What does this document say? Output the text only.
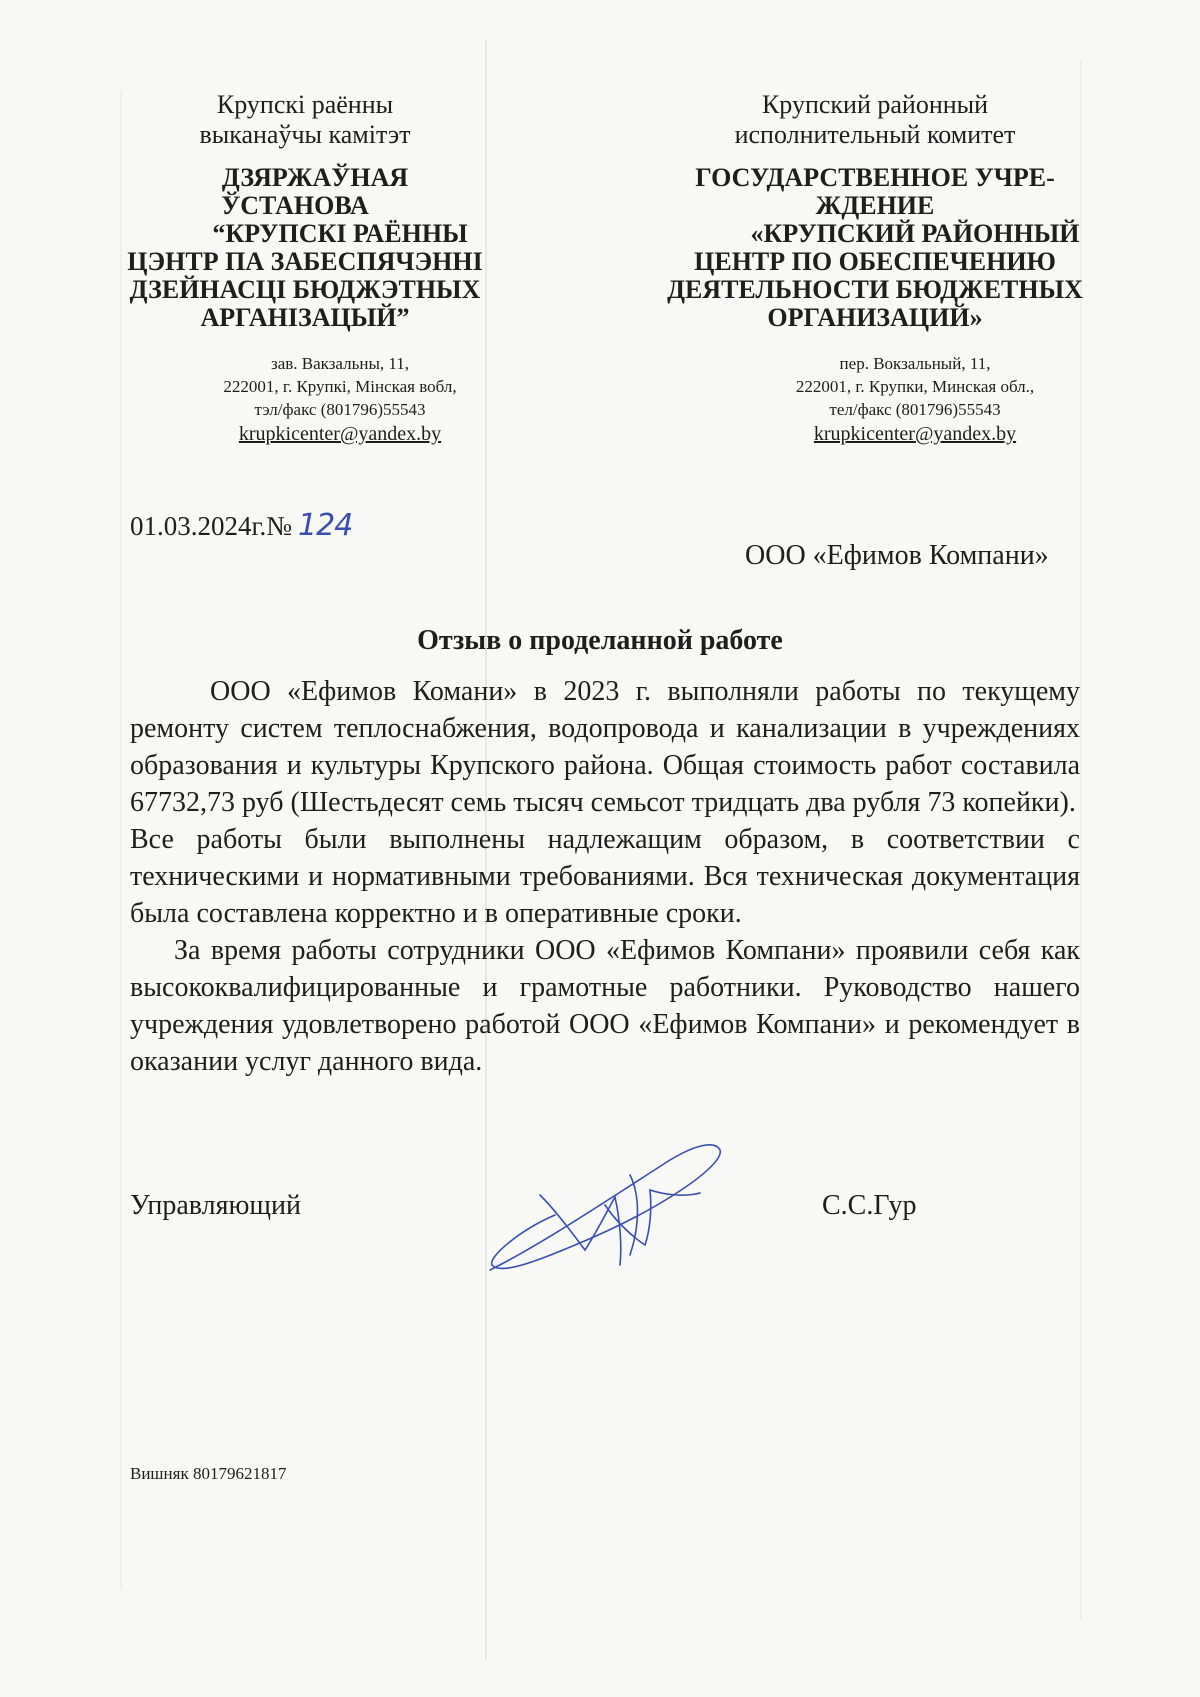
Крупскі раённы
выканаўчы камітэт
ДЗЯРЖАЎНАЯ
ЎСТАНОВА
“КРУПСКІ РАЁННЫ
ЦЭНТР ПА ЗАБЕСПЯЧЭННІ
ДЗЕЙНАСЦІ БЮДЖЭТНЫХ
АРГАНІЗАЦЫЙ”
зав. Вакзальны, 11,
222001, г. Крупкі, Мінская вобл,
тэл/факс (801796)55543
krupkicenter@yandex.by
Крупский районный
исполнительный комитет
ГОСУДАРСТВЕННОЕ УЧРЕ-
ЖДЕНИЕ
«КРУПСКИЙ РАЙОННЫЙ
ЦЕНТР ПО ОБЕСПЕЧЕНИЮ
ДЕЯТЕЛЬНОСТИ БЮДЖЕТНЫХ
ОРГАНИЗАЦИЙ»
пер. Вокзальный, 11,
222001, г. Крупки, Минская обл.,
тел/факс (801796)55543
krupkicenter@yandex.by
01.03.2024г.№ 124
ООО «Ефимов Компани»
Отзыв о проделанной работе

ООО «Ефимов Комани» в 2023 г. выполняли работы по текущему ремонту систем теплоснабжения, водопровода и канализации в учреждениях образования и культуры Крупского района. Общая стоимость работ составила 67732,73 руб (Шестьдесят семь тысяч семьсот тридцать два рубля 73 копейки).

Все работы были выполнены надлежащим образом, в соответствии с техническими и нормативными требованиями. Вся техническая документация была составлена корректно и в оперативные сроки.

За время работы сотрудники ООО «Ефимов Компани» проявили себя как высококвалифицированные и грамотные работники. Руководство нашего учреждения удовлетворено работой ООО «Ефимов Компани» и рекомендует в оказании услуг данного вида.

Управляющий	С.С.Гур
Вишняк 80179621817
